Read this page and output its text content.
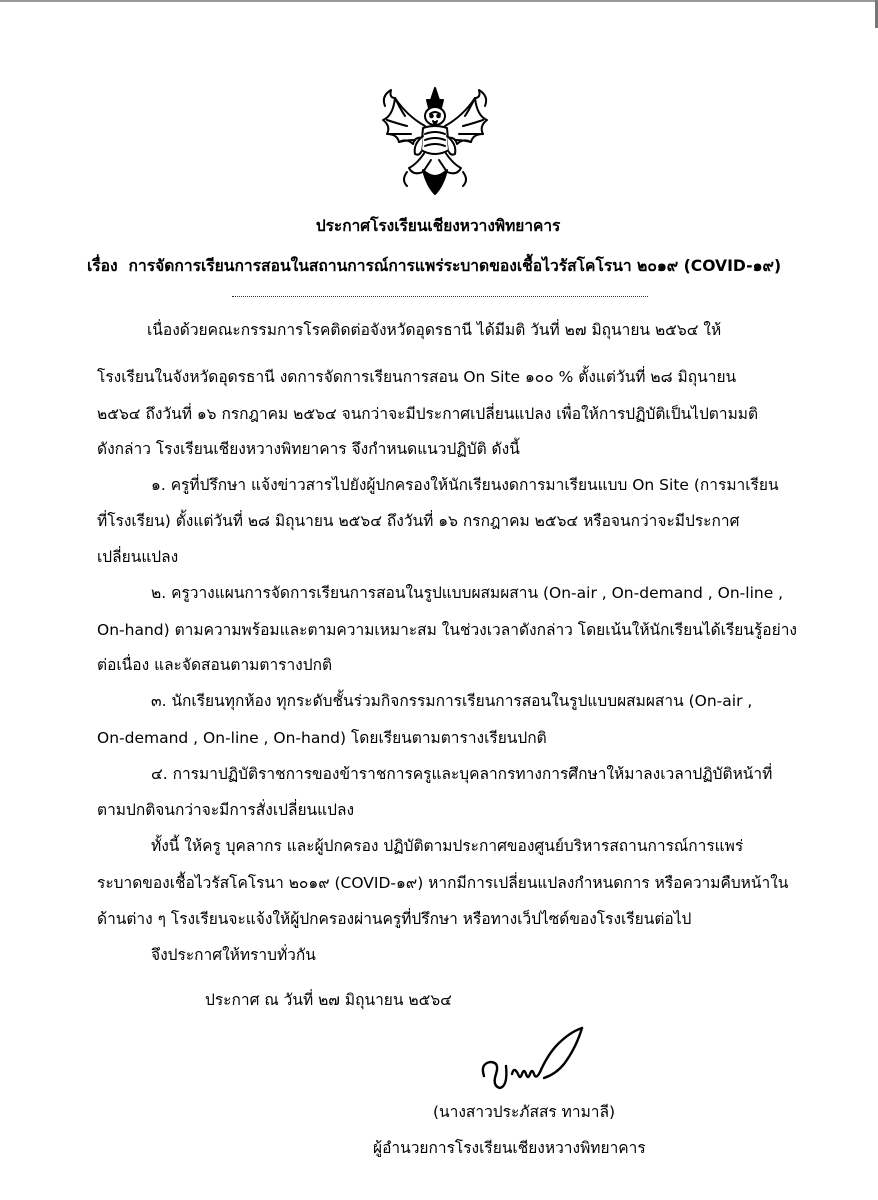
ประกาศโรงเรียนเชียงหวางพิทยาคาร
เรื่อง การจัดการเรียนการสอนในสถานการณ์การแพร่ระบาดของเชื้อไวรัสโคโรนา ๒๐๑๙ (COVID-๑๙)
เนื่องด้วยคณะกรรมการโรคติดต่อจังหวัดอุดรธานี ได้มีมติ วันที่ ๒๗ มิถุนายน ๒๕๖๔ ให้
โรงเรียนในจังหวัดอุดรธานี งดการจัดการเรียนการสอน On Site ๑๐๐ % ตั้งแต่วันที่ ๒๘ มิถุนายน
๒๕๖๔ ถึงวันที่ ๑๖ กรกฎาคม ๒๕๖๔ จนกว่าจะมีประกาศเปลี่ยนแปลง เพื่อให้การปฏิบัติเป็นไปตามมติ
ดังกล่าว โรงเรียนเชียงหวางพิทยาคาร จึงกำหนดแนวปฏิบัติ ดังนี้
๑. ครูที่ปรึกษา แจ้งข่าวสารไปยังผู้ปกครองให้นักเรียนงดการมาเรียนแบบ On Site (การมาเรียน
ที่โรงเรียน) ตั้งแต่วันที่ ๒๘ มิถุนายน ๒๕๖๔ ถึงวันที่ ๑๖ กรกฎาคม ๒๕๖๔ หรือจนกว่าจะมีประกาศ
เปลี่ยนแปลง
๒. ครูวางแผนการจัดการเรียนการสอนในรูปแบบผสมผสาน (On-air , On-demand , On-line ,
On-hand) ตามความพร้อมและตามความเหมาะสม ในช่วงเวลาดังกล่าว โดยเน้นให้นักเรียนได้เรียนรู้อย่าง
ต่อเนื่อง และจัดสอนตามตารางปกติ
๓. นักเรียนทุกห้อง ทุกระดับชั้นร่วมกิจกรรมการเรียนการสอนในรูปแบบผสมผสาน (On-air ,
On-demand , On-line , On-hand) โดยเรียนตามตารางเรียนปกติ
๔. การมาปฏิบัติราชการของข้าราชการครูและบุคลากรทางการศึกษาให้มาลงเวลาปฏิบัติหน้าที่
ตามปกติจนกว่าจะมีการสั่งเปลี่ยนแปลง
ทั้งนี้ ให้ครู บุคลากร และผู้ปกครอง ปฏิบัติตามประกาศของศูนย์บริหารสถานการณ์การแพร่
ระบาดของเชื้อไวรัสโคโรนา ๒๐๑๙ (COVID-๑๙) หากมีการเปลี่ยนแปลงกำหนดการ หรือความคืบหน้าใน
ด้านต่าง ๆ โรงเรียนจะแจ้งให้ผู้ปกครองผ่านครูที่ปรึกษา หรือทางเว็ปไซด์ของโรงเรียนต่อไป
จึงประกาศให้ทราบทั่วกัน
ประกาศ ณ วันที่ ๒๗ มิถุนายน ๒๕๖๔
(นางสาวประภัสสร ทามาลี)
ผู้อำนวยการโรงเรียนเชียงหวางพิทยาคาร
